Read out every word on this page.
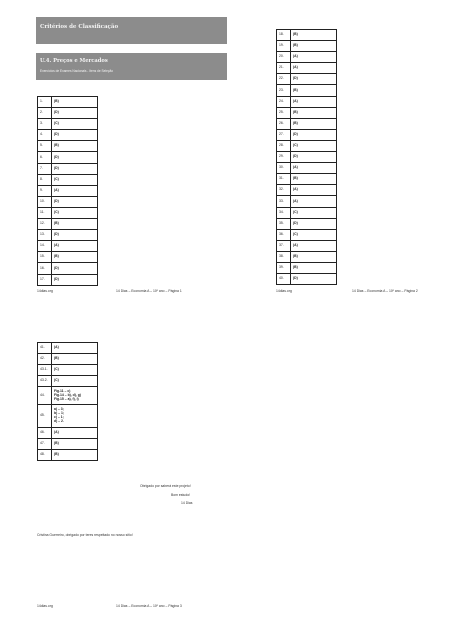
Critérios de Classificação
U.4. Preços e Mercados
Exercícios de Exames Nacionais - Itens de Seleção
1.	(B)
2.	(D)
3.	(C)
4.	(D)
5.	(B)
6.	(D)
7.	(D)
8.	(C)
9.	(A)
10.	(D)
11.	(C)
12.	(B)
13.	(D)
14.	(A)
15.	(B)
16.	(D)
17.	(D)
18.	(B)
19.	(B)
20.	(A)
21.	(A)
22.	(D)
23.	(B)
24.	(A)
25.	(B)
26.	(B)
27.	(D)
28.	(C)
29.	(D)
30.	(A)
31.	(B)
32.	(A)
33.	(A)
34.	(C)
35.	(D)
36.	(C)
37.	(A)
38.	(B)
39.	(B)
40.	(D)
41.	(A)

42.	(B)

43.1.	(C)

43.2.	(C)

44.	Fig.11 – c)
Fig.14 – b), d), g)
Fig.15 – a), f), i)

45.	a) – 3;
b) – 1;
c) – 1;
d) – 2.

46.	(A)

47.	(B)

48.	(B)
14dias.org	14 Dias – Economia A – 10º ano – Página 1	14dias.org	14 Dias – Economia A – 10º ano – Página 2
14dias.org	14 Dias – Economia A – 10º ano – Página 3
Obrigado por saberá este projeto!
Bom estudo!
14 Dias
Cristina Guerreiro, obrigado por teres respeitado no nosso sítio!
